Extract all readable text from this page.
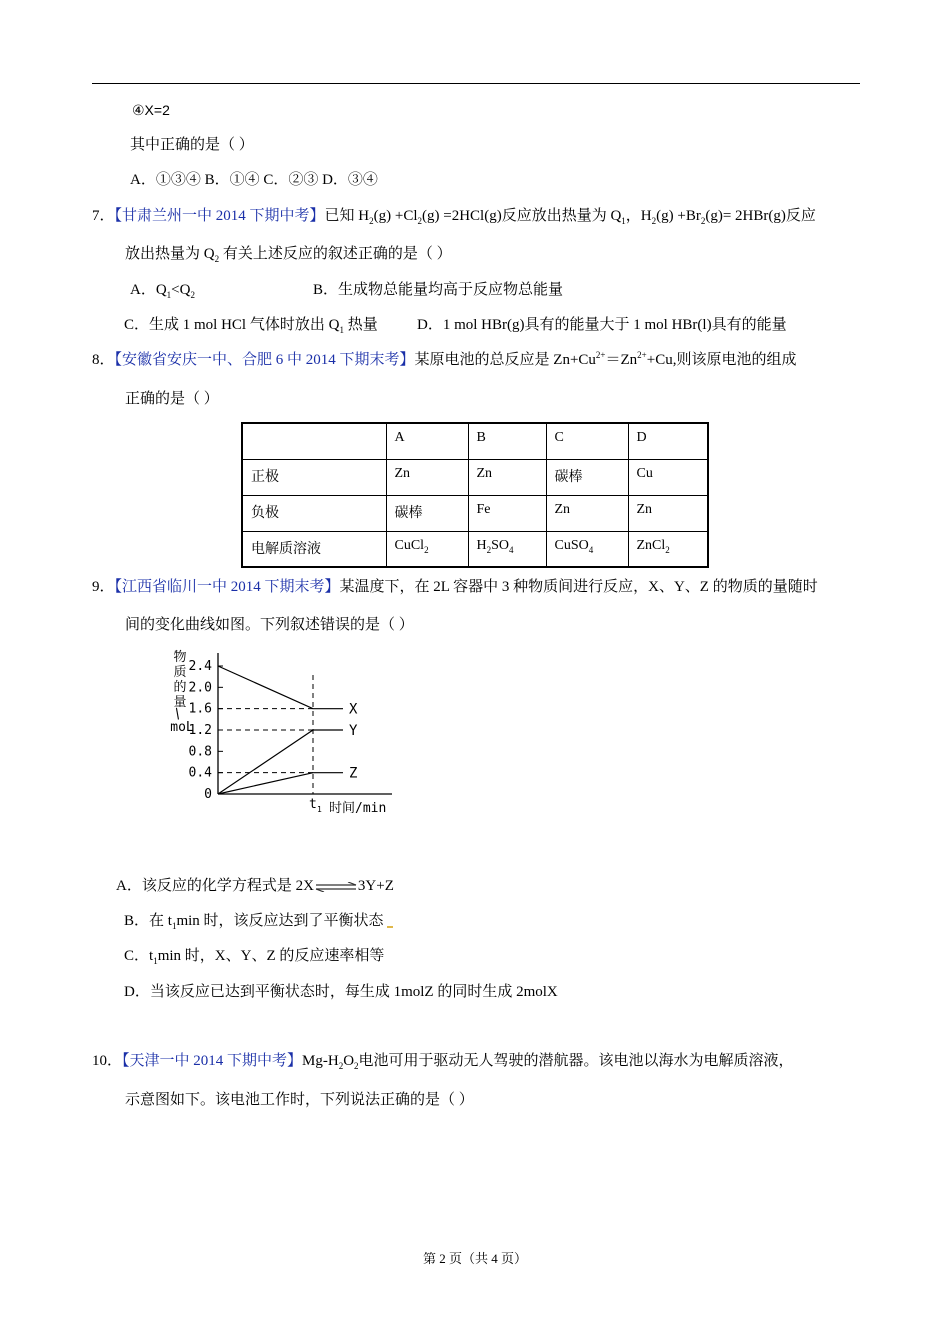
④X=2
其中正确的是（ ）
A．①③④ B．①④ C．②③ D．③④
7．【甘肃兰州一中 2014 下期中考】已知 $H_2(g) +Cl_2(g) =2HCl(g)$反应放出热量为 $Q_1$，$H_2(g) +Br_2(g)= 2HBr(g)$反应
放出热量为 $Q_2$ 有关上述反应的叙述正确的是（ ）
A．$Q_1<Q_2$	B．生成物总能量均高于反应物总能量
C．生成 1 mol HCl 气体时放出 $Q_1$ 热量	D．1 mol HBr(g)具有的能量大于 1 mol HBr(l)具有的能量
8．【安徽省安庆一中、合肥 6 中 2014 下期末考】某原电池的总反应是 $Zn+Cu^{2+}=Zn^{2+}+Cu$,则该原电池的组成
正确的是（ ）
	A	B	C	D
正极	Zn	Zn	碳棒	Cu
负极	碳棒	Fe	Zn	Zn
电解质溶液	CuCl$_2$	$H_2SO_4$	CuSO$_4$	ZnCl$_2$
9．【江西省临川一中 2014 下期末考】某温度下，在 2L 容器中 3 种物质间进行反应，X、Y、Z 的物质的量随时
间的变化曲线如图。下列叙述错误的是（ ）
0
0.4
0.8
1.2
1.6
2.0
2.4
物
质
的
量
/
moL
X
Y
Z
t 1 时间/min
A．该反应的化学方程式是 2X⇌3Y+Z
B．在 $t_1\min$ 时，该反应达到了平衡状态
C．$t_1\min$ 时，X、Y、Z 的反应速率相等
D．当该反应已达到平衡状态时，每生成 1molZ 的同时生成 2molX
10．【天津一中 2014 下期中考】$Mg-H_2O_2$电池可用于驱动无人驾驶的潜航器。该电池以海水为电解质溶液，
示意图如下。该电池工作时，下列说法正确的是（ ）
第 2 页（共 4 页）
